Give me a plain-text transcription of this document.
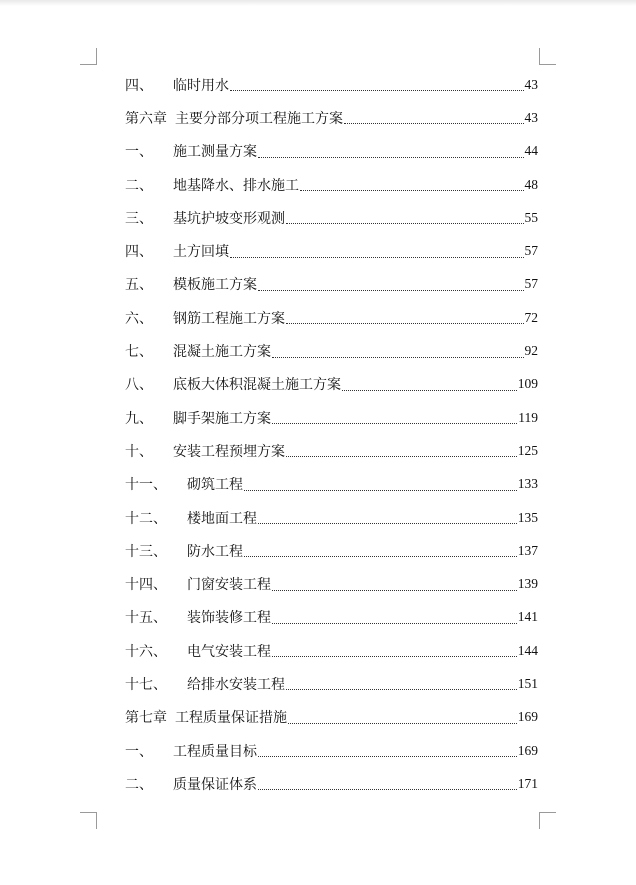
四、 临时用水	43
第六章 主要分部分项工程施工方案	43
一、 施工测量方案	44
二、 地基降水、排水施工	48
三、 基坑护坡变形观测	55
四、 土方回填	57
五、 模板施工方案	57
六、 钢筋工程施工方案	72
七、 混凝土施工方案	92
八、 底板大体积混凝土施工方案	109
九、 脚手架施工方案	119
十、 安装工程预埋方案	125
十一、 砌筑工程	133
十二、 楼地面工程	135
十三、 防水工程	137
十四、 门窗安装工程	139
十五、 装饰装修工程	141
十六、 电气安装工程	144
十七、 给排水安装工程	151
第七章 工程质量保证措施	169
一、 工程质量目标	169
二、 质量保证体系	171
